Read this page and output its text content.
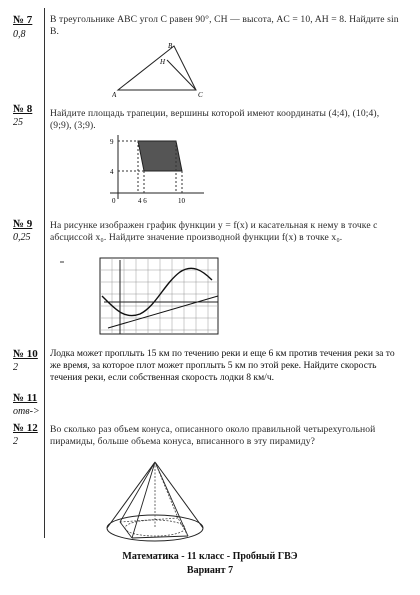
№ 7
0,8
В треугольнике ABC угол C равен 90°, CH — высота, AC = 10, AH = 8. Найдите sin B.
B
A	C
H
№ 8
25
Найдите площадь трапеции, вершины которой имеют координаты (4;4), (10;4), (9;9), (3;9).
9
4
0	4 6	10
№ 9
0,25
На рисунке изображен график функции y = f(x) и касательная к нему в точке с абсциссой x₀. Найдите значение производной функции f(x) в точке x₀.
№ 10
2
Лодка может проплыть 15 км по течению реки и еще 6 км против течения реки за то же время, за которое плот может проплыть 5 км по этой реке. Найдите скорость течения реки, если собственная скорость лодки 8 км/ч.
№ 11
отв->
№ 12
2
Во сколько раз объем конуса, описанного около правильной четырехугольной пирамиды, больше объема конуса, вписанного в эту пирамиду?
Математика - 11 класс - Пробный ГВЭ
Вариант 7
